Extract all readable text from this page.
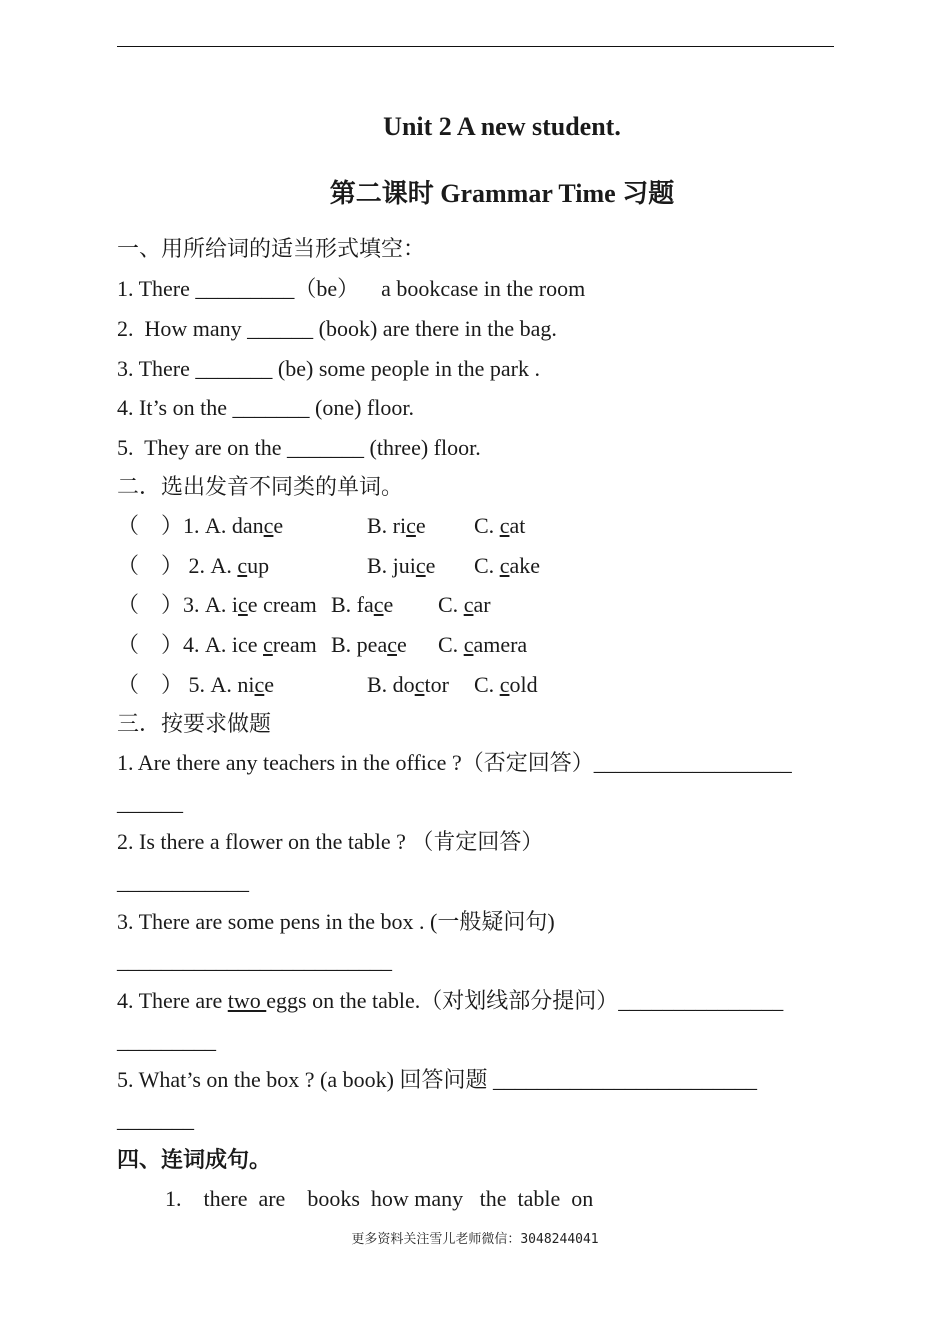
Unit 2 A new student.
第二课时 Grammar Time 习题
一、用所给词的适当形式填空：
1. There _________（be）    a bookcase in the room
2.  How many ______ (book) are there in the bag.
3. There _______ (be) some people in the park .
4. It’s on the _______ (one) floor.
5.  They are on the _______ (three) floor.
二．选出发音不同类的单词。
（    ）1. A. dance	B. rice C. cat
（    ） 2. A. cup	B. juice C. cake
（    ）3. A. ice cream B. face C. car
（    ）4. A. ice cream B. peace C. camera
（    ） 5. A. nice	B. doctor C. cold
三．按要求做题
1. Are there any teachers in the office ?（否定回答）__________________
______
2. Is there a flower on the table ? （肯定回答）
____________
3. There are some pens in the box . (一般疑问句)
_________________________
4. There are two eggs on the table.（对划线部分提问）_______________
_________
5. What’s on the box ? (a book) 回答问题 ________________________
_______
四、连词成句。
1.    there  are    books  how many   the  table  on
更多资料关注雪儿老师微信：3048244041
